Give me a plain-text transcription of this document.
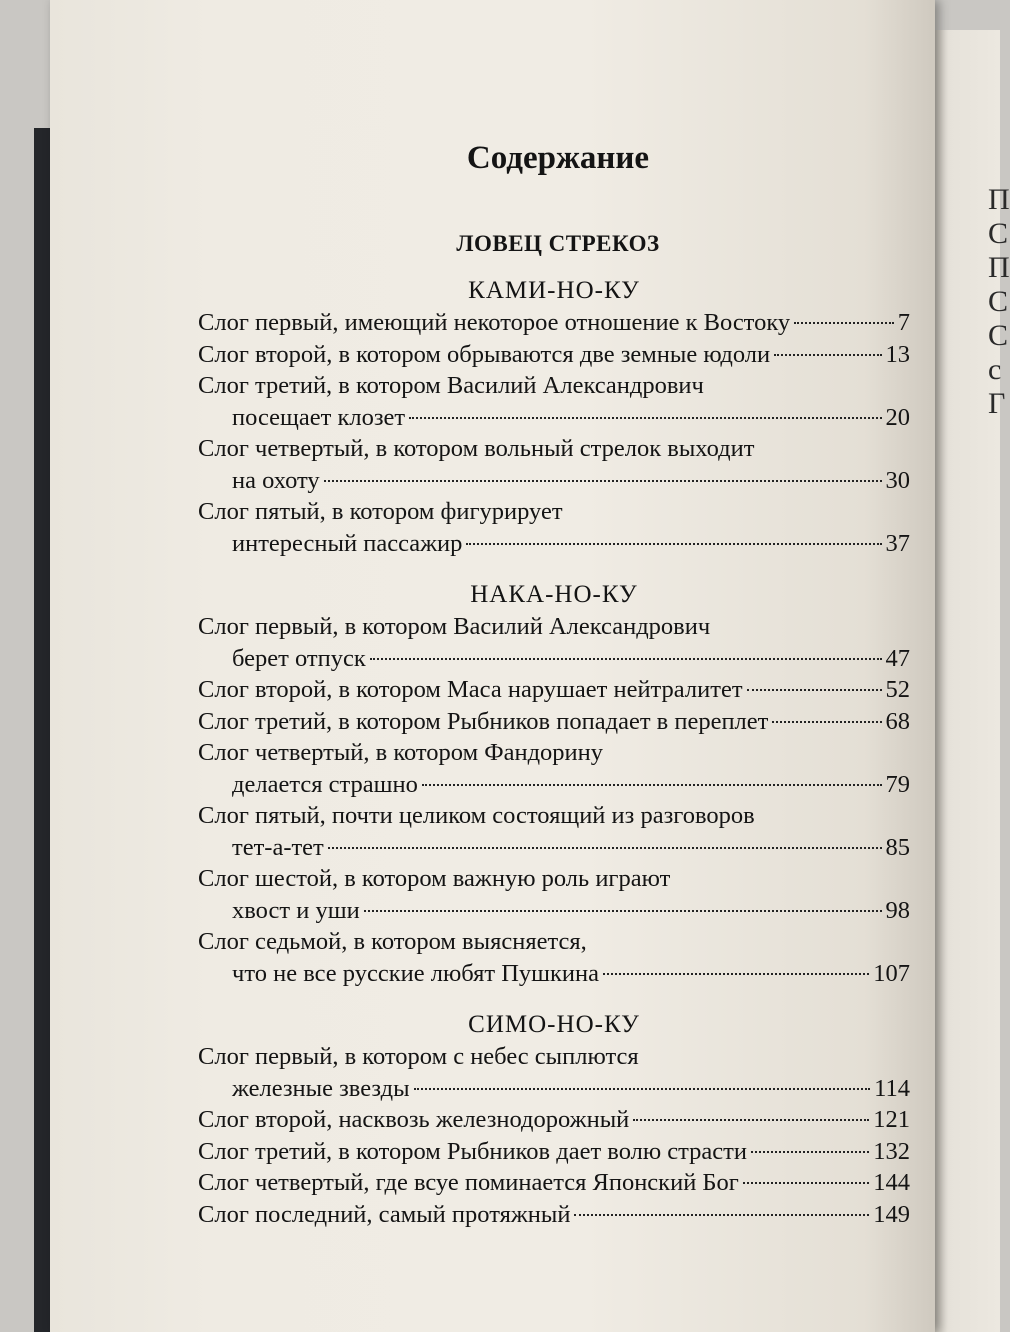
П
С
П
С
С
с
Г
Содержание
ЛОВЕЦ СТРЕКОЗ
КАМИ-НО-КУ
Слог первый, имеющий некоторое отношение к Востоку	7
Слог второй, в котором обрываются две земные юдоли	13
Слог третий, в котором Василий Александрович
посещает клозет	20
Слог четвертый, в котором вольный стрелок выходит
на охоту	30
Слог пятый, в котором фигурирует
интересный пассажир	37
НАКА-НО-КУ
Слог первый, в котором Василий Александрович
берет отпуск	47
Слог второй, в котором Маса нарушает нейтралитет	52
Слог третий, в котором Рыбников попадает в переплет	68
Слог четвертый, в котором Фандорину
делается страшно	79
Слог пятый, почти целиком состоящий из разговоров
тет-а-тет	85
Слог шестой, в котором важную роль играют
хвост и уши	98
Слог седьмой, в котором выясняется,
что не все русские любят Пушкина	107
СИМО-НО-КУ
Слог первый, в котором с небес сыплются
железные звезды	114
Слог второй, насквозь железнодорожный	121
Слог третий, в котором Рыбников дает волю страсти	132
Слог четвертый, где всуе поминается Японский Бог	144
Слог последний, самый протяжный	149
